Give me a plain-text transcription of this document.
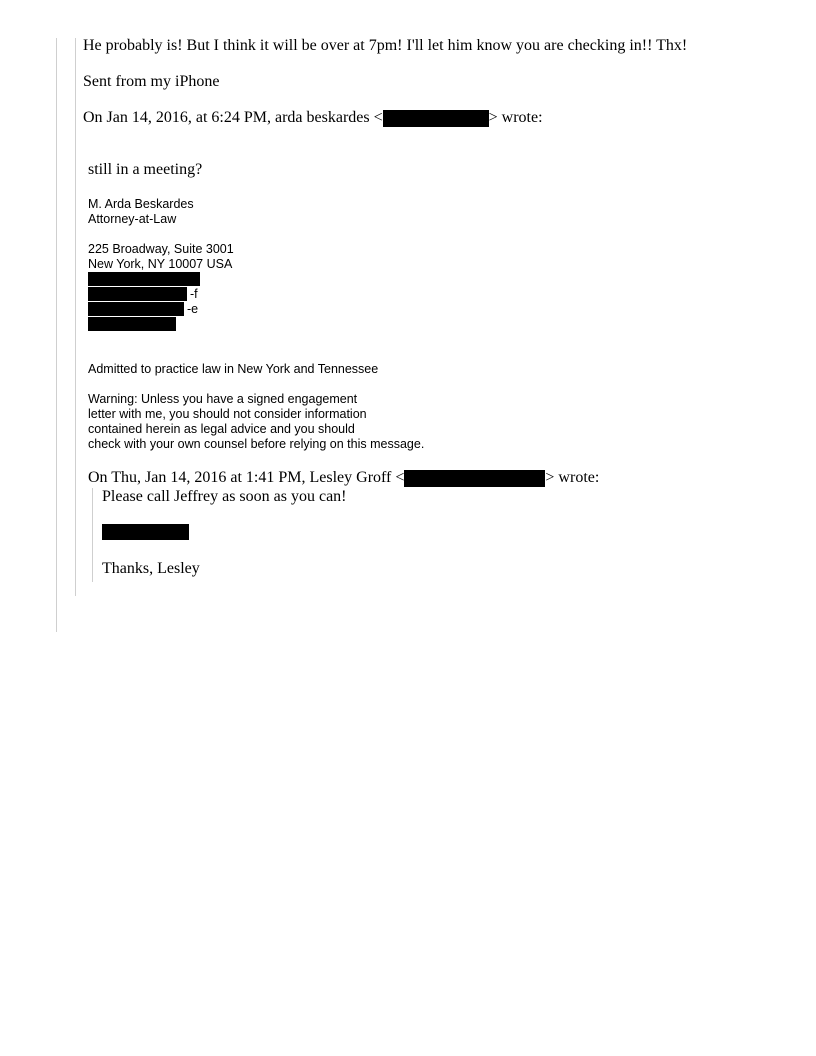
He probably is! But I think it will be over at 7pm! I'll let him know you are checking in!! Thx!
Sent from my iPhone
On Jan 14, 2016, at 6:24 PM, arda beskardes <	> wrote:
still in a meeting?
M. Arda Beskardes
Attorney-at-Law
225 Broadway, Suite 3001
New York, NY 10007 USA
-f
-e
Admitted to practice law in New York and Tennessee
Warning: Unless you have a signed engagement
letter with me, you should not consider information
contained herein as legal advice and you should
check with your own counsel before relying on this message.
On Thu, Jan 14, 2016 at 1:41 PM, Lesley Groff <	> wrote:
Please call Jeffrey as soon as you can!
Thanks, Lesley
